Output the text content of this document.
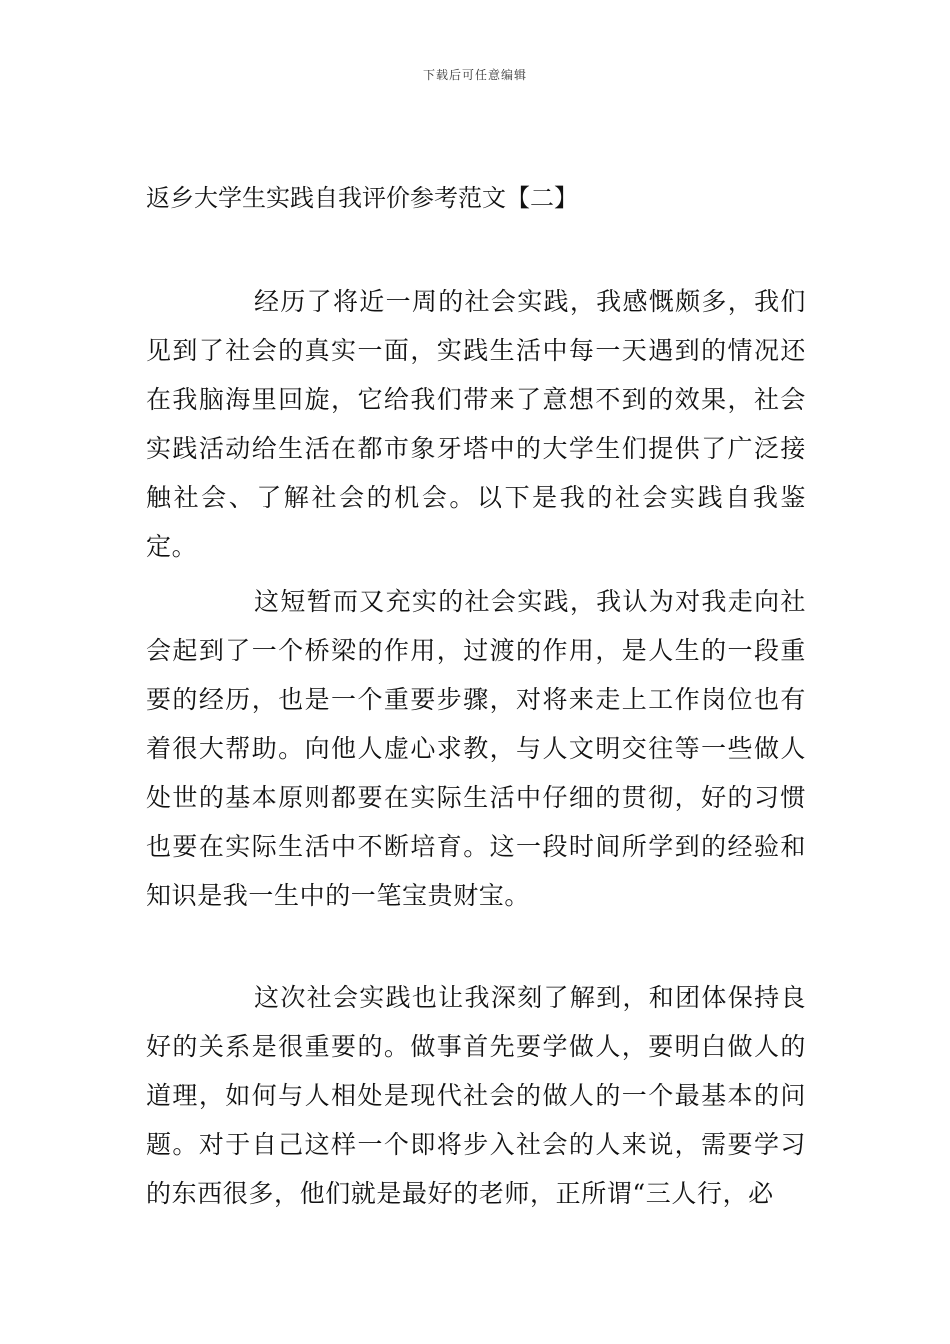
下载后可任意编辑
返乡大学生实践自我评价参考范文【二】

经历了将近一周的社会实践，我感慨颇多，我们见到了社会的真实一面，实践生活中每一天遇到的情况还在我脑海里回旋，它给我们带来了意想不到的效果，社会实践活动给生活在都市象牙塔中的大学生们提供了广泛接触社会、了解社会的机会。以下是我的社会实践自我鉴定。

这短暂而又充实的社会实践，我认为对我走向社会起到了一个桥梁的作用，过渡的作用，是人生的一段重要的经历，也是一个重要步骤，对将来走上工作岗位也有着很大帮助。向他人虚心求教，与人文明交往等一些做人处世的基本原则都要在实际生活中仔细的贯彻，好的习惯也要在实际生活中不断培育。这一段时间所学到的经验和知识是我一生中的一笔宝贵财宝。

这次社会实践也让我深刻了解到，和团体保持良好的关系是很重要的。做事首先要学做人，要明白做人的道理，如何与人相处是现代社会的做人的一个最基本的问题。对于自己这样一个即将步入社会的人来说，需要学习的东西很多，他们就是最好的老师，正所谓“三人行，必
